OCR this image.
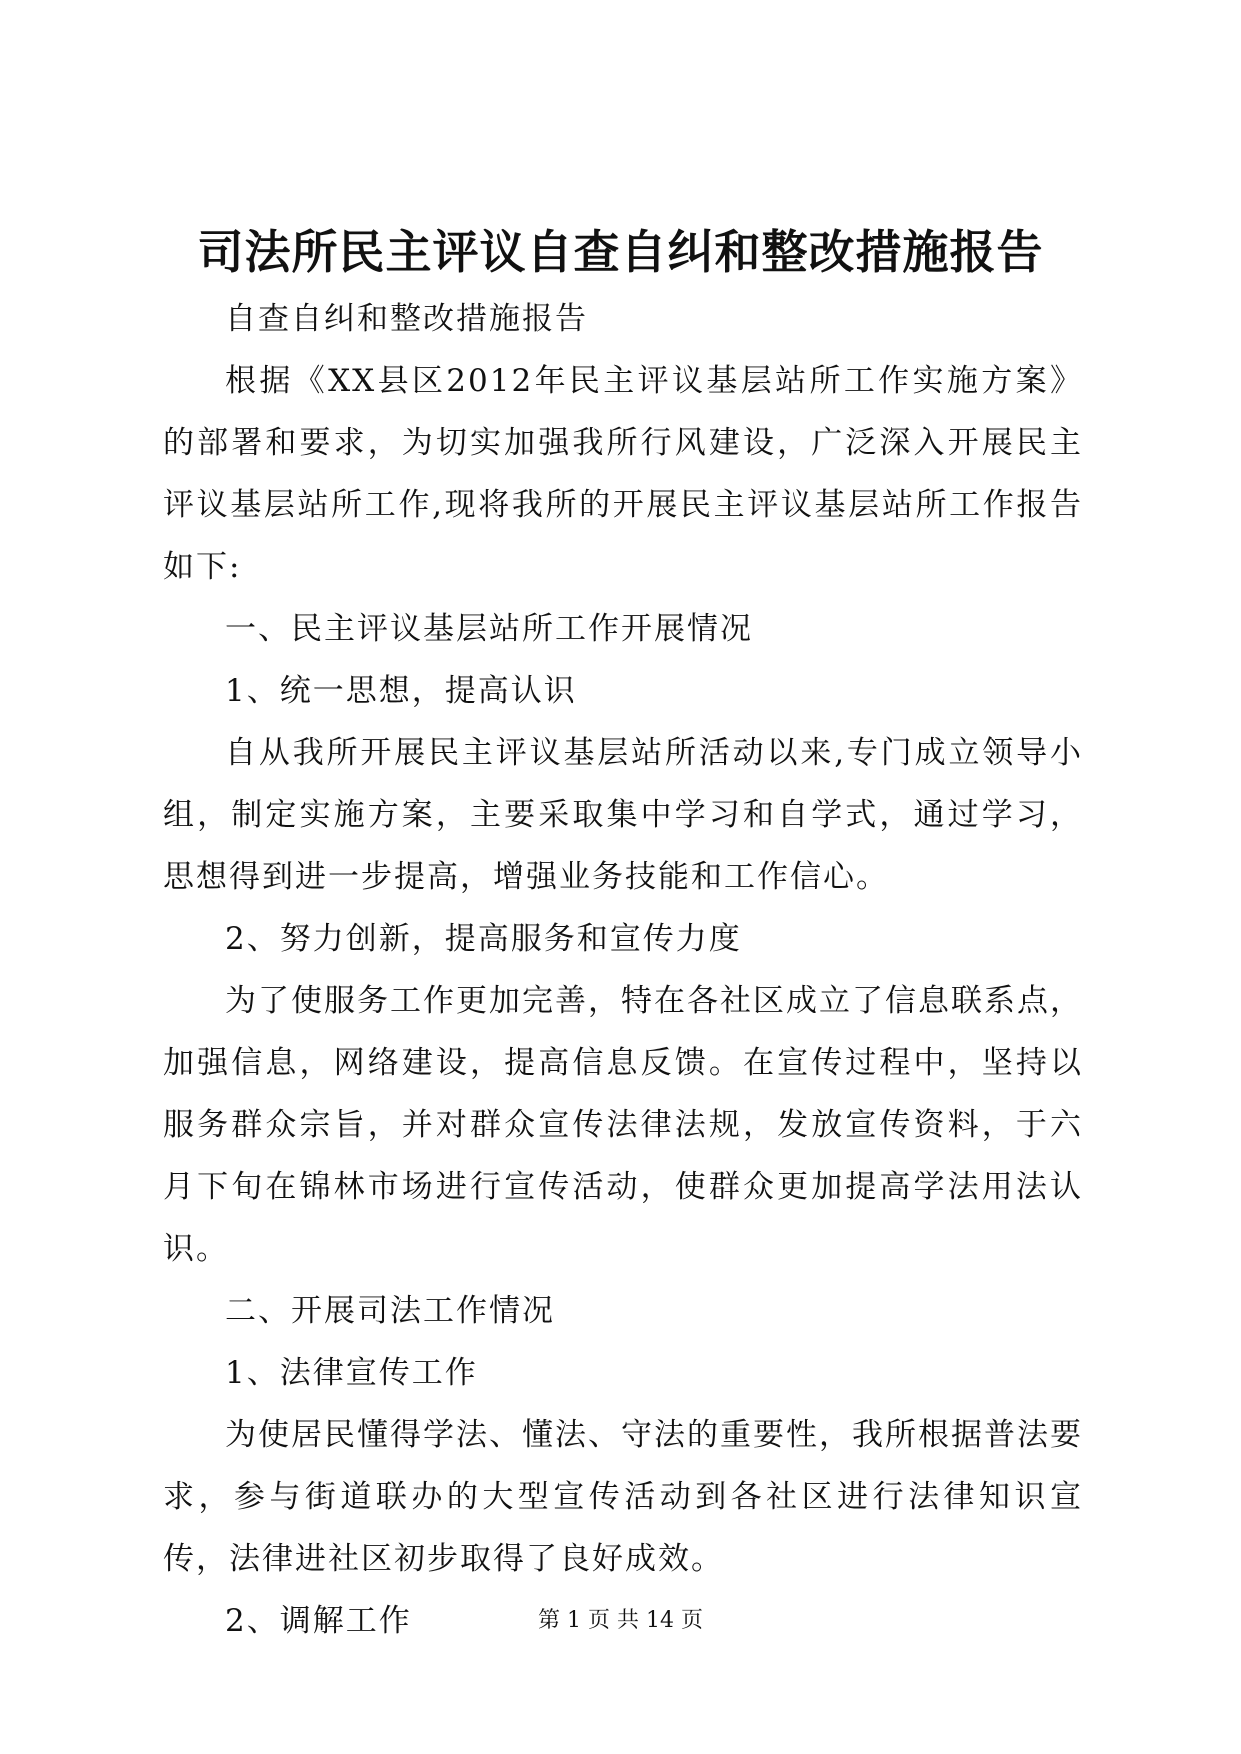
司法所民主评议自查自纠和整改措施报告

自查自纠和整改措施报告

根据《XX县区2012年民主评议基层站所工作实施方案》的部署和要求，为切实加强我所行风建设，广泛深入开展民主评议基层站所工作,现将我所的开展民主评议基层站所工作报告如下:

一、民主评议基层站所工作开展情况

1、统一思想，提高认识

自从我所开展民主评议基层站所活动以来,专门成立领导小组，制定实施方案，主要采取集中学习和自学式，通过学习，思想得到进一步提高，增强业务技能和工作信心。

2、努力创新，提高服务和宣传力度

为了使服务工作更加完善，特在各社区成立了信息联系点，加强信息，网络建设，提高信息反馈。在宣传过程中，坚持以服务群众宗旨，并对群众宣传法律法规，发放宣传资料，于六月下旬在锦林市场进行宣传活动，使群众更加提高学法用法认识。

二、开展司法工作情况

1、法律宣传工作

为使居民懂得学法、懂法、守法的重要性，我所根据普法要求，参与街道联办的大型宣传活动到各社区进行法律知识宣传，法律进社区初步取得了良好成效。

2、调解工作	第 1 页 共 14 页
